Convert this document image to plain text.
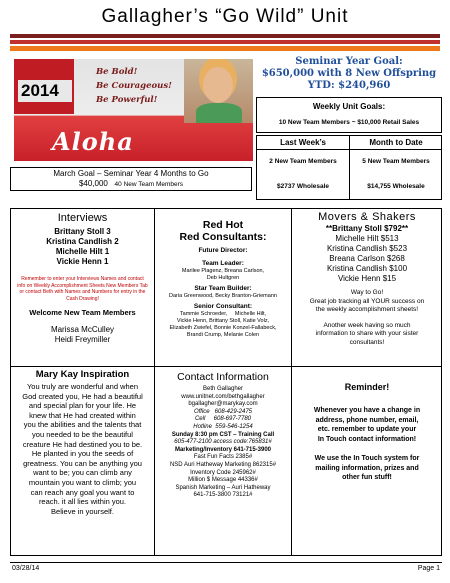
Gallagher’s “Go Wild” Unit
2014
Be Bold!
Be Courageous!
Be Powerful!
Aloha
Seminar Year Goal:
$650,000 with 8 New Offspring
YTD: $240,960
Weekly Unit Goals:
10 New Team Members ~ $10,000 Retail Sales
Last Week’s	Month to Date
2 New Team Members	5 New Team Members
$2737 Wholesale	$14,755 Wholesale
March Goal – Seminar Year 4 Months to Go
$40,000 40 New Team Members
Interviews
Brittany Stoll 3
Kristina Candlish 2
Michelle Hilt 1
Vickie Henn 1
Remember to enter your Interviews Names and contact info on Weekly Accomplishment Sheets New Members Tab or contact Beth with Names and Numbers for entry in the Cash Drawing!
Welcome New Team Members
Marissa McCulley
Heidi Freymiller
Red Hot
Red Consultants:
Future Director:
Team Leader:
Marilee Plagenz, Breana Carlson,
Deb Hultgren
Star Team Builder:
Daria Greenwood, Becky Branton-Griemann
Senior Consultant:
Tammie Schroeder,     Michelle Hilt,
Vickie Henn, Brittany Stoll, Katie Volz,
Elizabeth Zwiefel, Bonnie Konzel-Fallabeck,
Brandi Crump, Melanie Colen
Movers & Shakers
**Brittany Stoll $792**
Michelle Hilt $513
Kristina Candlish $523
Breana Carlson $268
Kristina Candlish $100
Vickie Henn $15
Way to Go!
Great job tracking all YOUR success on
the weekly accomplishment sheets!
Another week having so much
information to share with your sister
consultants!
Mary Kay Inspiration
You truly are wonderful and when
God created you, He had a beautiful
and special plan for your life. He
knew that He had created within
you the abilities and the talents that
you needed to be the beautiful
creature He had destined you to be.
He planted in you the seeds of
greatness. You can be anything you
want to be; you can climb any
mountain you want to climb; you
can reach any goal you want to
reach. it all lies within you.
Believe in yourself.
Contact Information
Beth Gallagher
www.unitnet.com/bethgallagher
bgallagher@marykay.com
Office   608-429-2475
Cell     608-697-7780
Hotline  559-546-1254
Sunday 8:30 pm CST – Training Call
605-477-2100 access code:765831#
Marketing/Inventory 641-715-3900
Fast Fun Facts 2385#
NSD Auri Hatheway Marketing 862315#
Inventory Code 245962#
Million $ Message 44336#
Spanish Marketing – Auri Hatheway
641-715-3800 73121#
Reminder!
Whenever you have a change in
address, phone number, email,
etc. remember to update your
In Touch contact information!
We use the In Touch system for
mailing information, prizes and
other fun stuff!
03/28/14	Page 1
